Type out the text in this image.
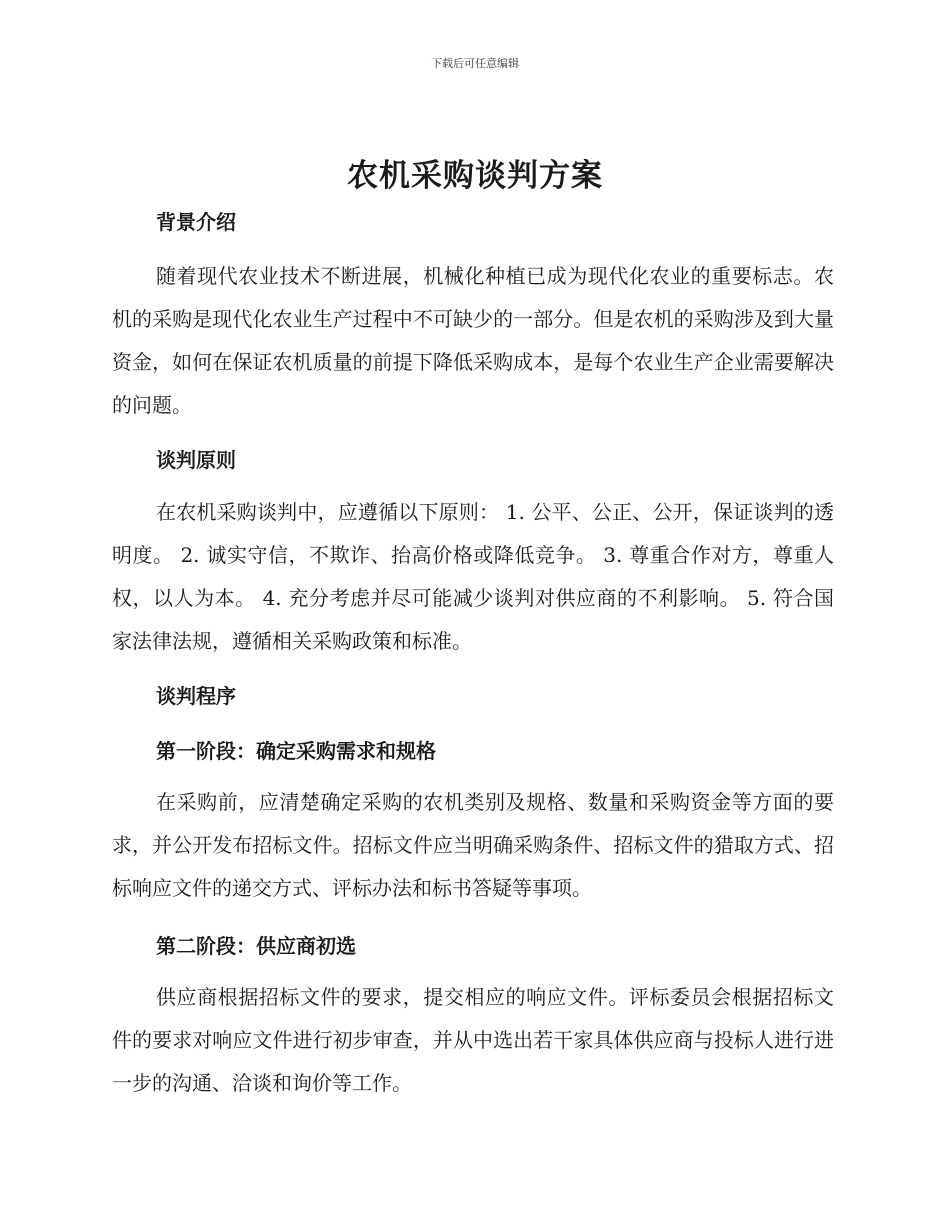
下载后可任意编辑
农机采购谈判方案
背景介绍

随着现代农业技术不断进展，机械化种植已成为现代化农业的重要标志。农机的采购是现代化农业生产过程中不可缺少的一部分。但是农机的采购涉及到大量资金，如何在保证农机质量的前提下降低采购成本，是每个农业生产企业需要解决的问题。

谈判原则

在农机采购谈判中，应遵循以下原则： 1. 公平、公正、公开，保证谈判的透明度。 2. 诚实守信，不欺诈、抬高价格或降低竞争。 3. 尊重合作对方，尊重人权，以人为本。 4. 充分考虑并尽可能减少谈判对供应商的不利影响。 5. 符合国家法律法规，遵循相关采购政策和标准。

谈判程序
第一阶段：确定采购需求和规格

在采购前，应清楚确定采购的农机类别及规格、数量和采购资金等方面的要求，并公开发布招标文件。招标文件应当明确采购条件、招标文件的猎取方式、招标响应文件的递交方式、评标办法和标书答疑等事项。

第二阶段：供应商初选

供应商根据招标文件的要求，提交相应的响应文件。评标委员会根据招标文件的要求对响应文件进行初步审查，并从中选出若干家具体供应商与投标人进行进一步的沟通、洽谈和询价等工作。
